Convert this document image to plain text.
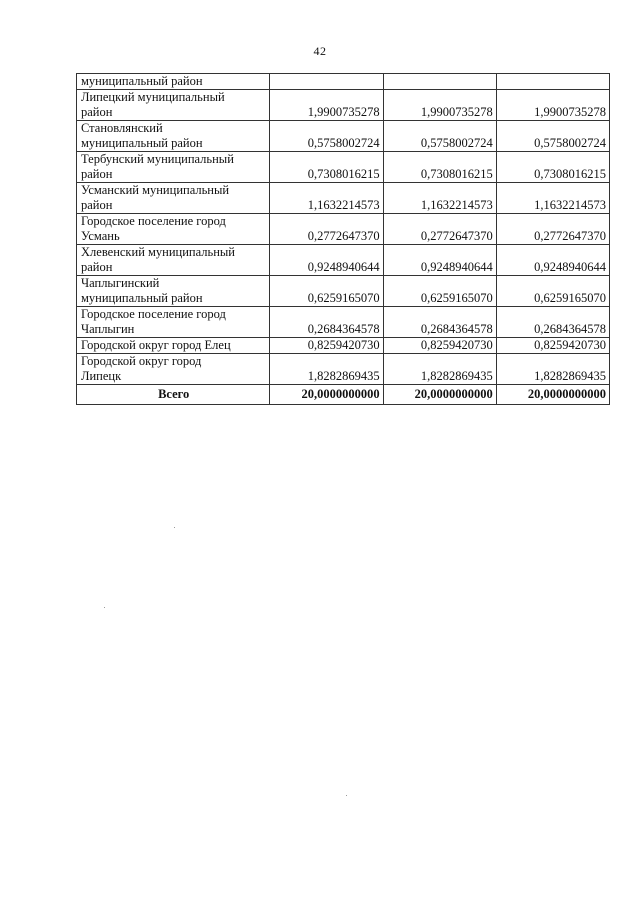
42
муниципальный район			
Липецкий муниципальный
район	1,9900735278	1,9900735278	1,9900735278
Становлянский
муниципальный район	0,5758002724	0,5758002724	0,5758002724
Тербунский муниципальный
район	0,7308016215	0,7308016215	0,7308016215
Усманский муниципальный
район	1,1632214573	1,1632214573	1,1632214573
Городское поселение город
Усмань	0,2772647370	0,2772647370	0,2772647370
Хлевенский муниципальный
район	0,9248940644	0,9248940644	0,9248940644
Чаплыгинский
муниципальный район	0,6259165070	0,6259165070	0,6259165070
Городское поселение город
Чаплыгин	0,2684364578	0,2684364578	0,2684364578
Городской округ город Елец	0,8259420730	0,8259420730	0,8259420730
Городской округ город
Липецк	1,8282869435	1,8282869435	1,8282869435
Всего	20,0000000000	20,0000000000	20,0000000000
